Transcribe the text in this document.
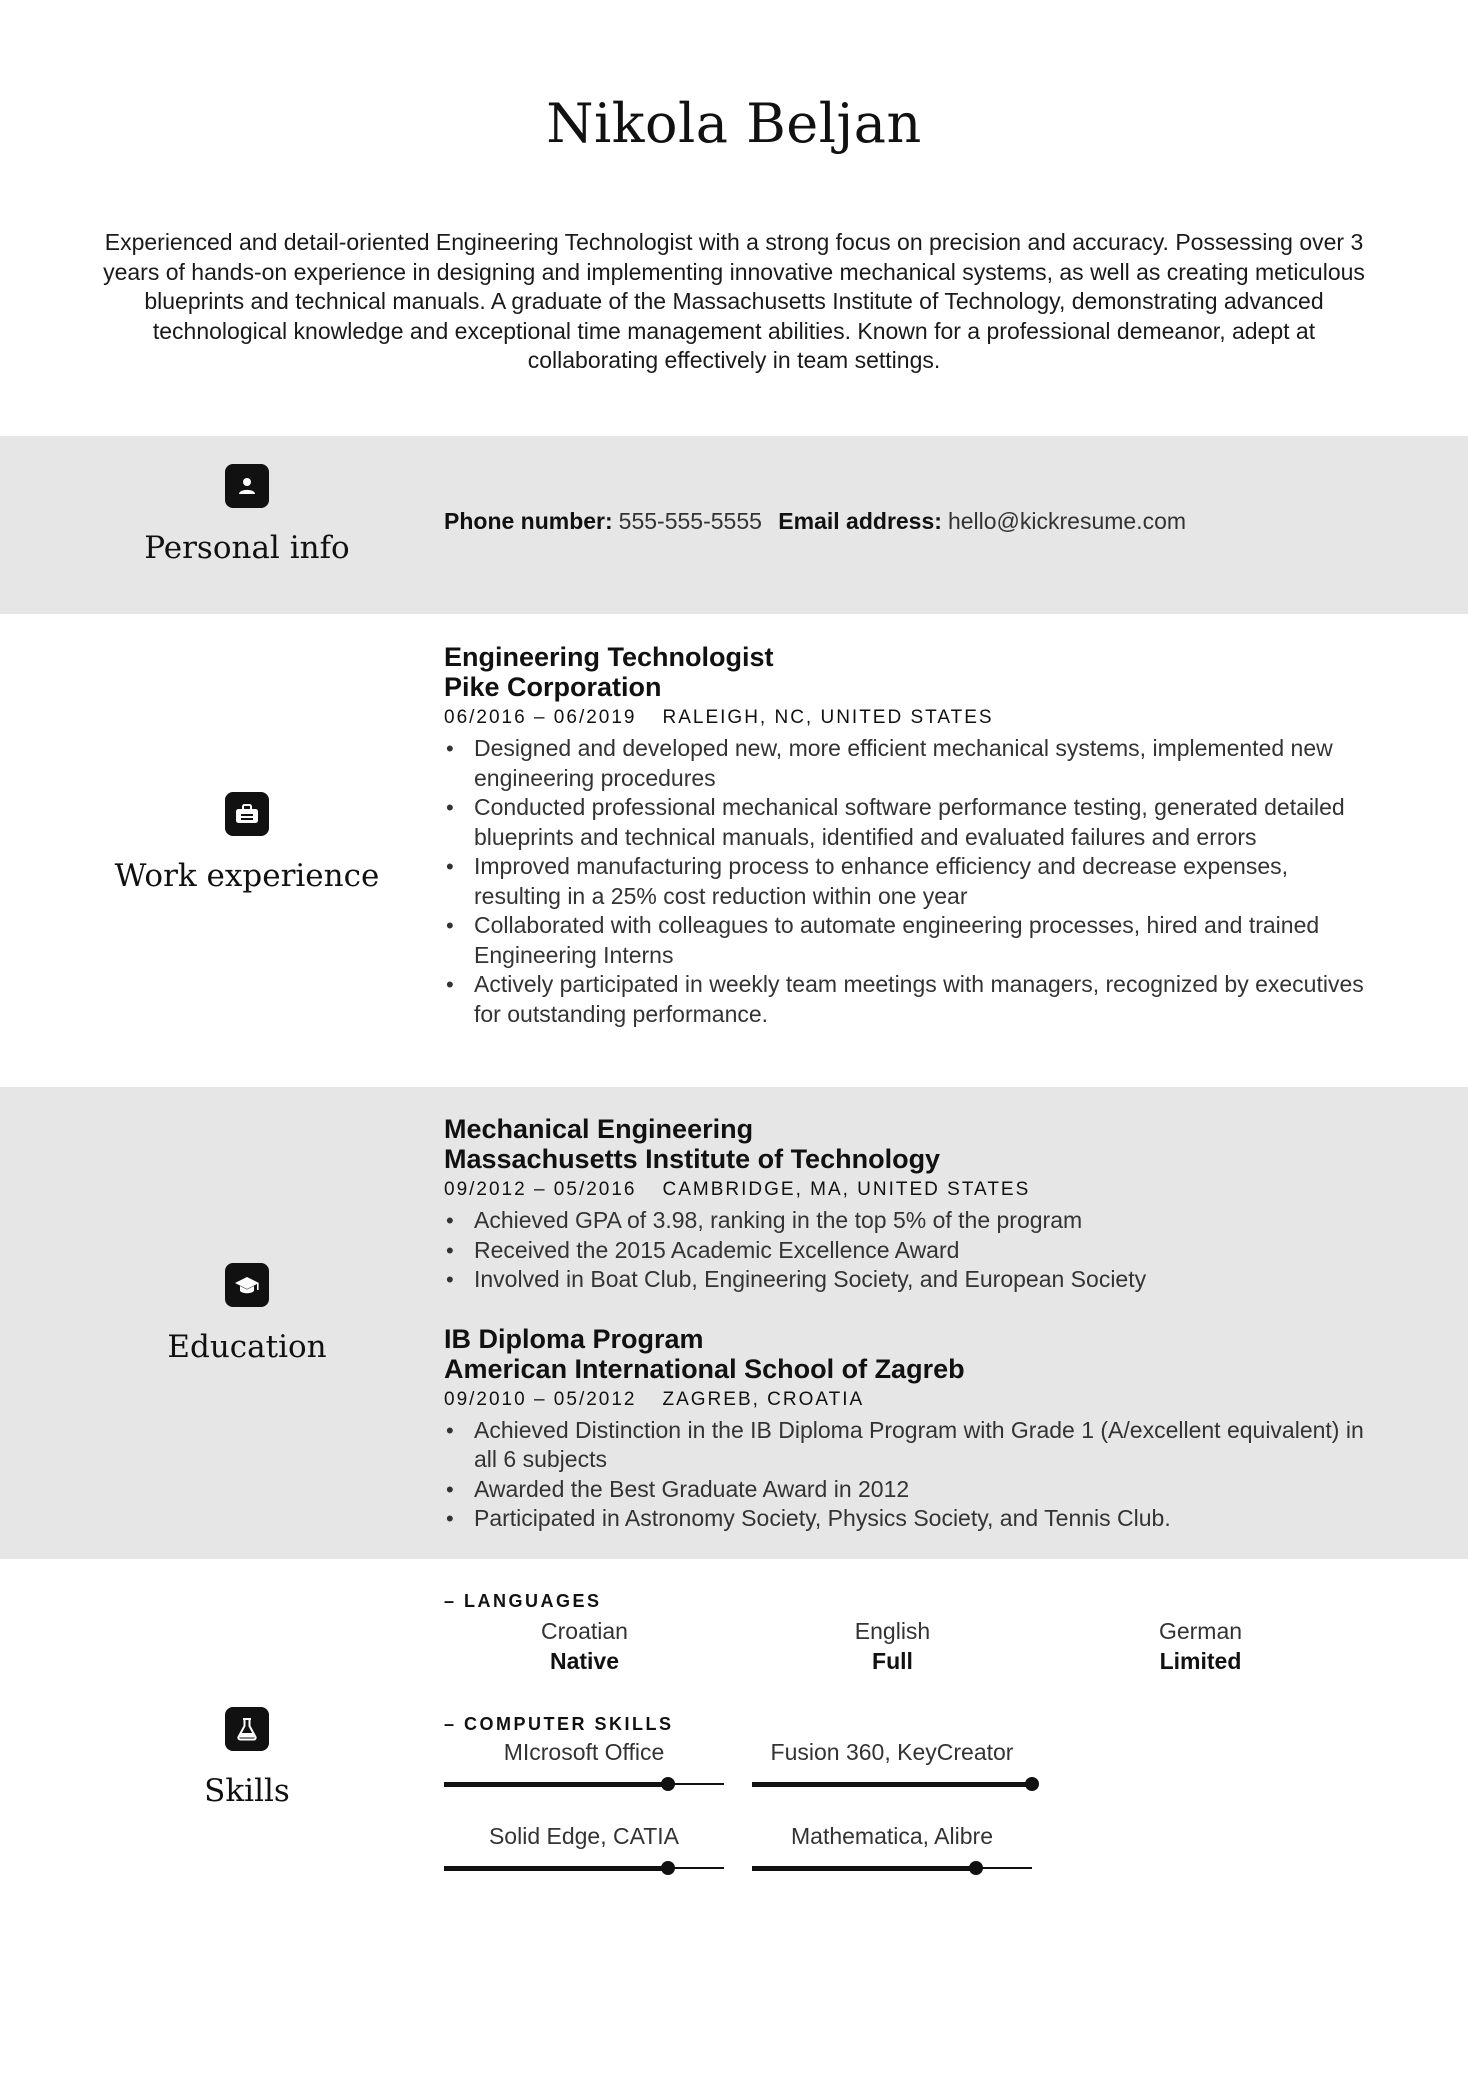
Nikola Beljan
Experienced and detail-oriented Engineering Technologist with a strong focus on precision and accuracy. Possessing over 3 years of hands-on experience in designing and implementing innovative mechanical systems, as well as creating meticulous blueprints and technical manuals. A graduate of the Massachusetts Institute of Technology, demonstrating advanced technological knowledge and exceptional time management abilities. Known for a professional demeanor, adept at collaborating effectively in team settings.
Personal info
Phone number: 555-555-5555 Email address: hello@kickresume.com
Work experience
Engineering Technologist
Pike Corporation
06/2016 – 06/2019 RALEIGH, NC, UNITED STATES
• Designed and developed new, more efficient mechanical systems, implemented new engineering procedures
• Conducted professional mechanical software performance testing, generated detailed blueprints and technical manuals, identified and evaluated failures and errors
• Improved manufacturing process to enhance efficiency and decrease expenses, resulting in a 25% cost reduction within one year
• Collaborated with colleagues to automate engineering processes, hired and trained Engineering Interns
• Actively participated in weekly team meetings with managers, recognized by executives for outstanding performance.
Education
Mechanical Engineering
Massachusetts Institute of Technology
09/2012 – 05/2016 CAMBRIDGE, MA, UNITED STATES
• Achieved GPA of 3.98, ranking in the top 5% of the program
• Received the 2015 Academic Excellence Award
• Involved in Boat Club, Engineering Society, and European Society
IB Diploma Program
American International School of Zagreb
09/2010 – 05/2012 ZAGREB, CROATIA
• Achieved Distinction in the IB Diploma Program with Grade 1 (A/excellent equivalent) in all 6 subjects
• Awarded the Best Graduate Award in 2012
• Participated in Astronomy Society, Physics Society, and Tennis Club.
Skills
– LANGUAGES
Croatian
Native
English
Full
German
Limited
– COMPUTER SKILLS
MIcrosoft Office	Fusion 360, KeyCreator
Solid Edge, CATIA	Mathematica, Alibre
